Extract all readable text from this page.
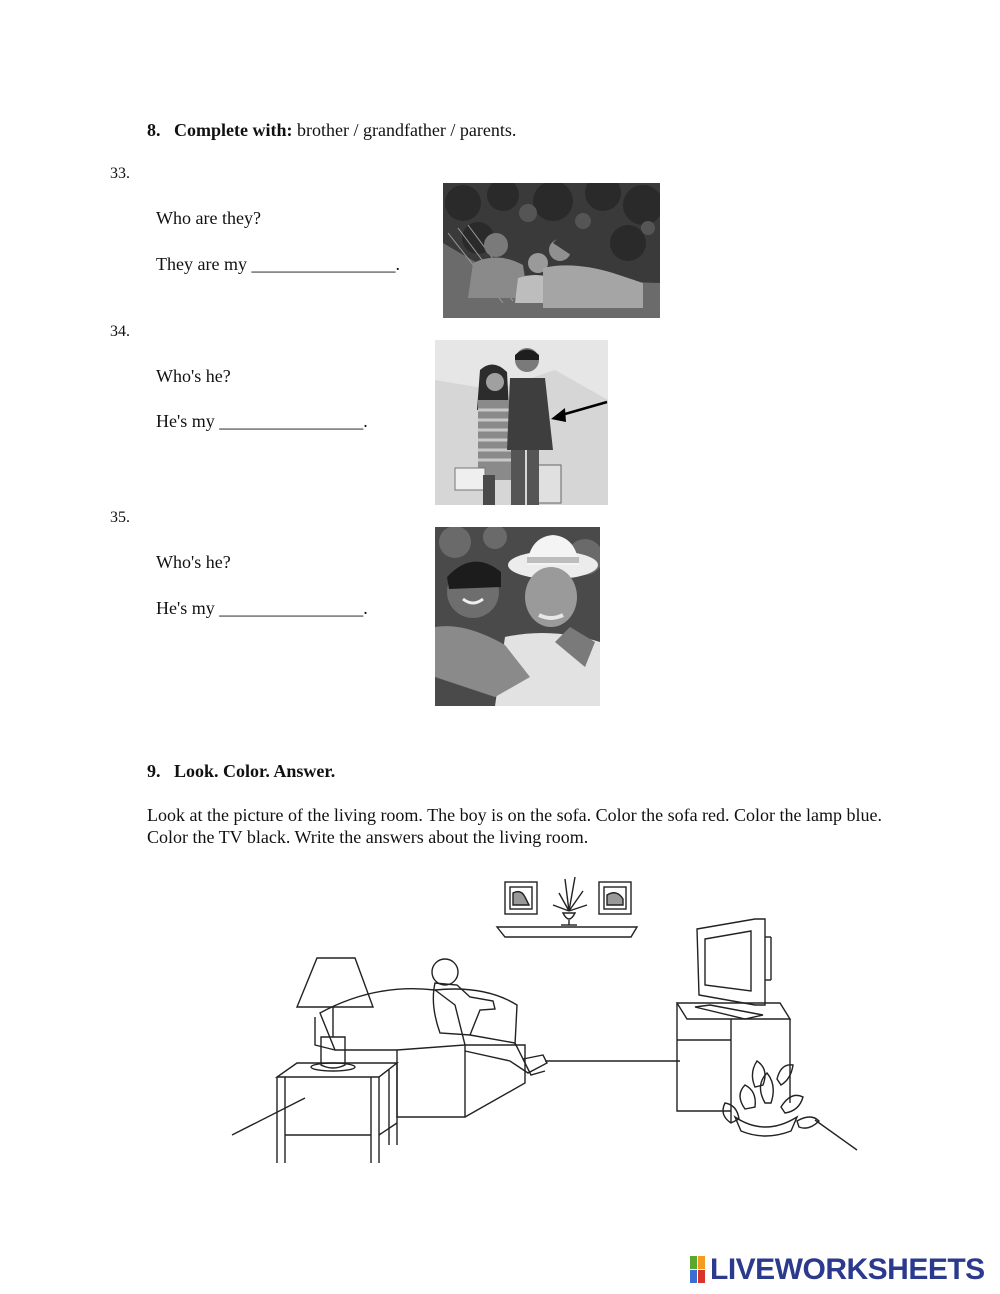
8. Complete with: brother / grandfather / parents.
33.
Who are they?
They are my ________________.
34.
Who's he?
He's my ________________.
35.
Who's he?
He's my ________________.
9. Look. Color. Answer.
Look at the picture of the living room. The boy is on the sofa. Color the sofa red. Color the lamp blue. Color the TV black. Write the answers about the living room.
LIVEWORKSHEETS
